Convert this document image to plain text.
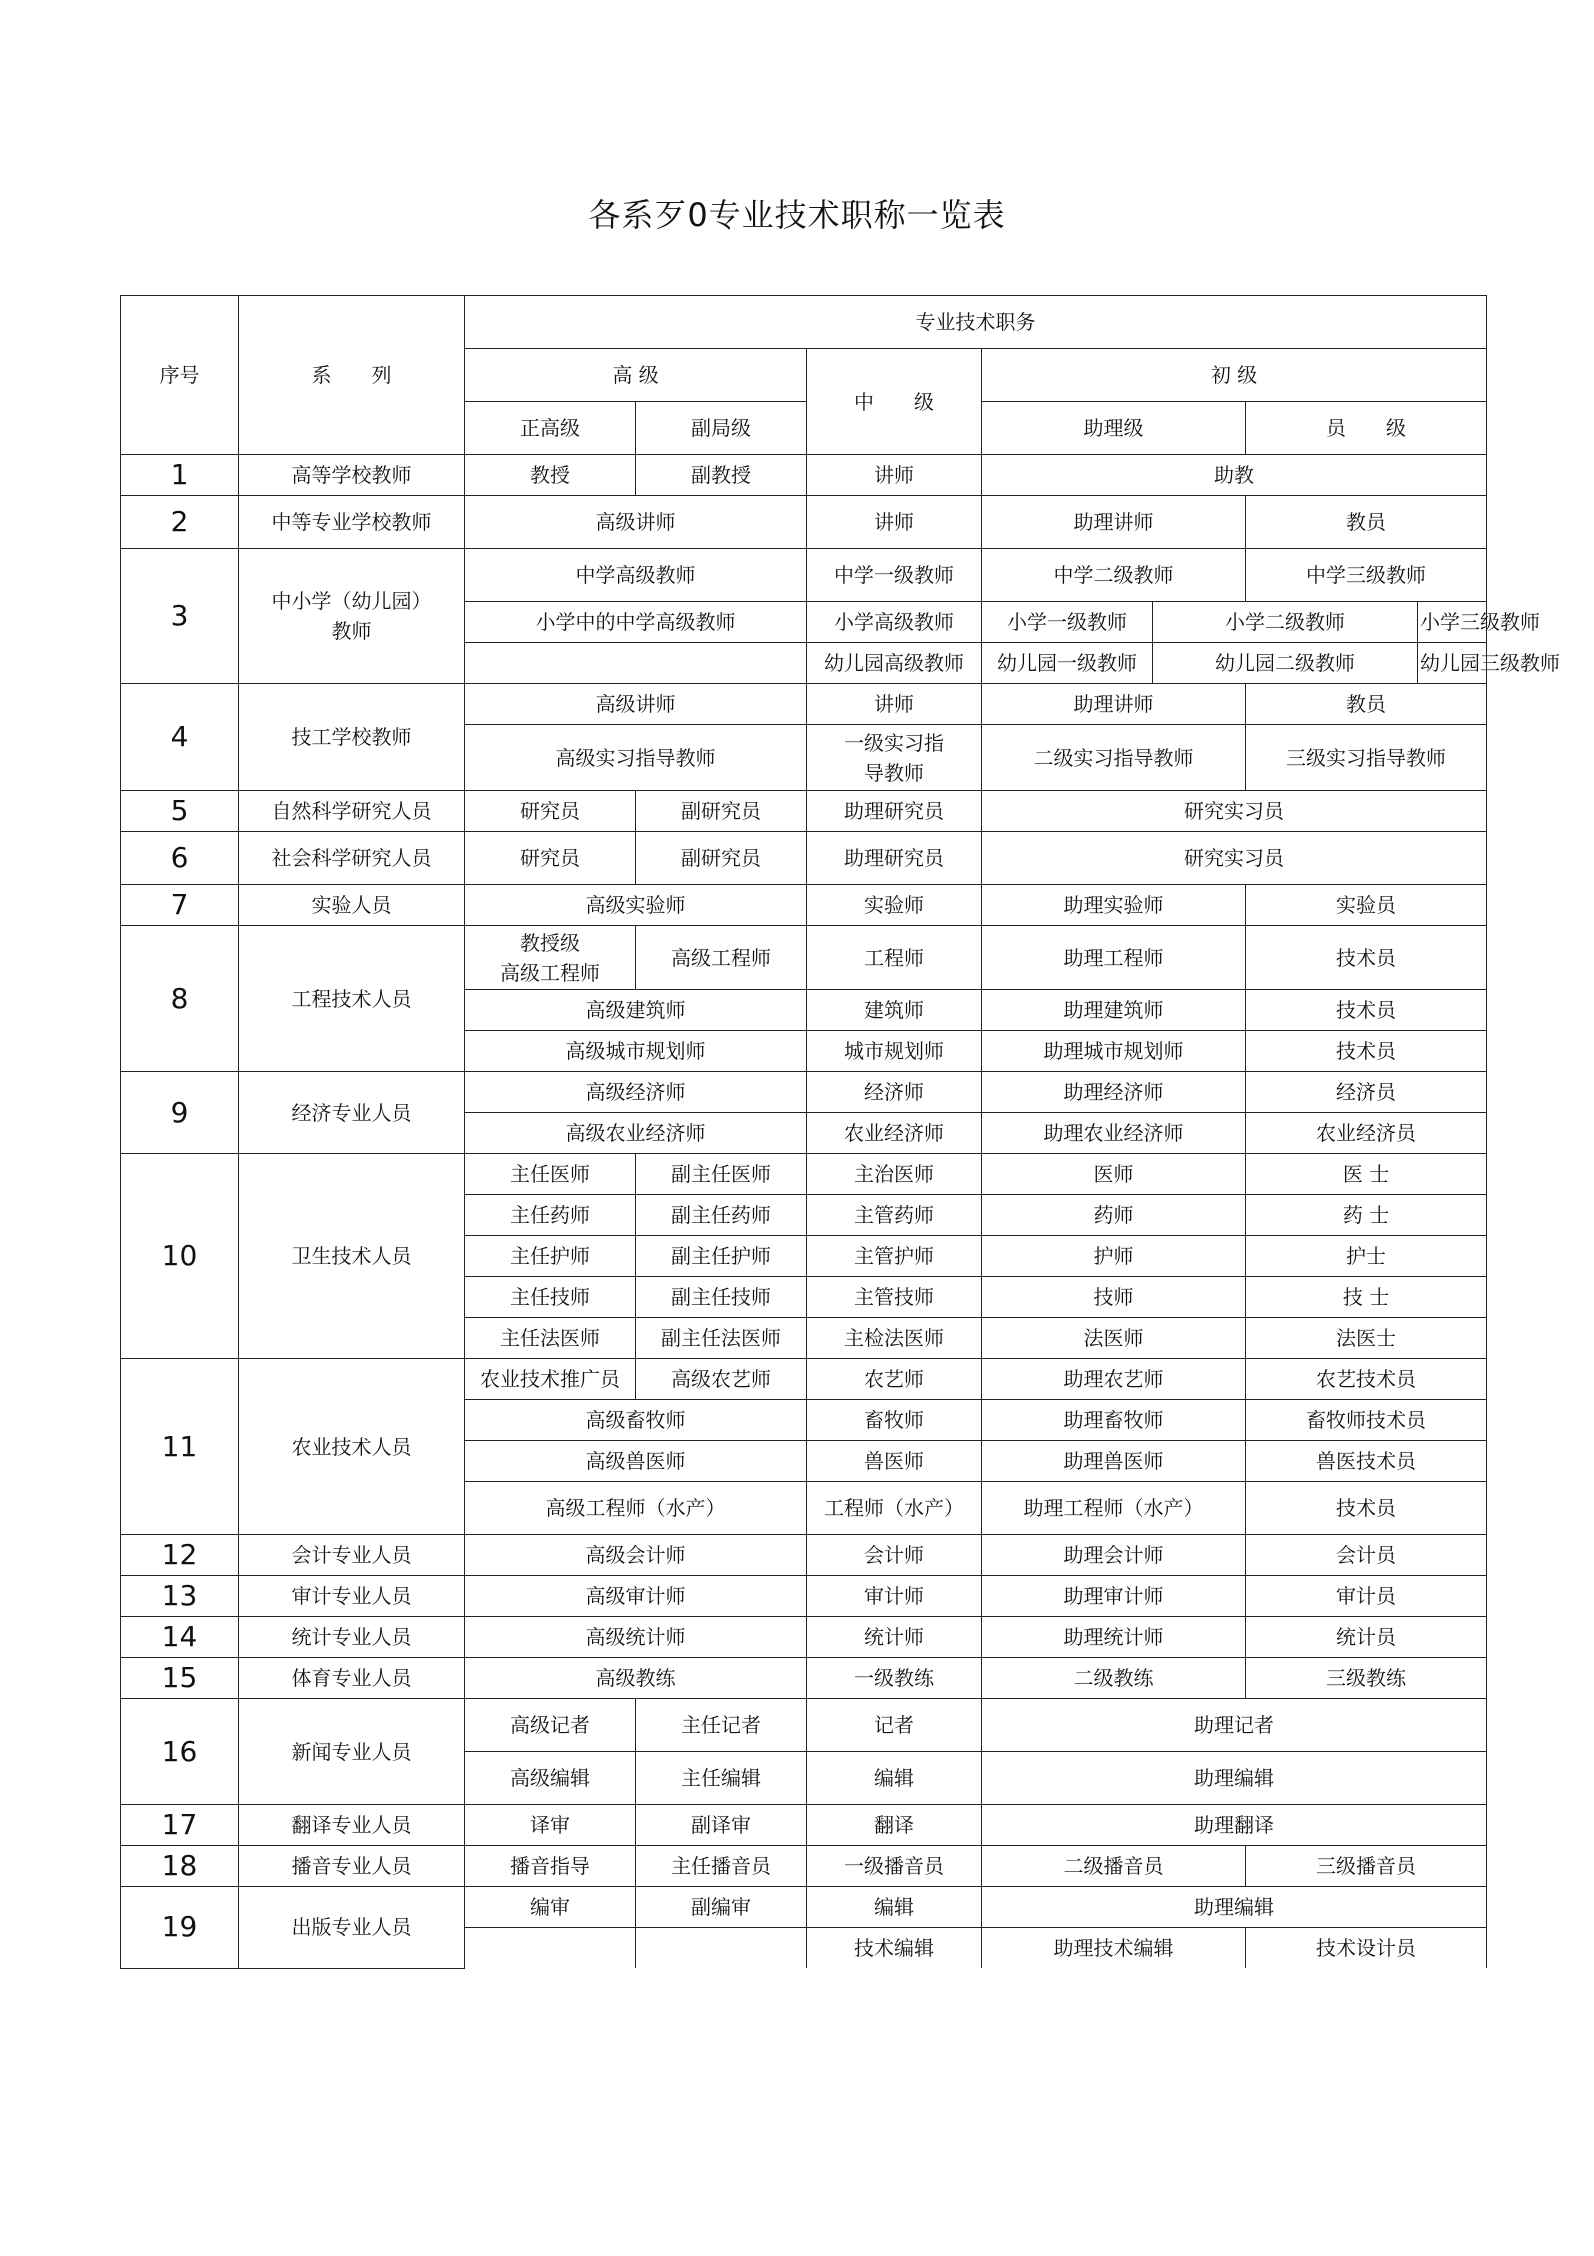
各系歹0专业技术职称一览表
序号	系　　列	专业技术职务							
		高 级		中　　级	初 级				
		正高级	副局级		助理级		员　　级		
1	高等学校教师	教授	副教授	讲师	助教				
2	中等专业学校教师	高级讲师		讲师	助理讲师		教员		
3	中小学（幼儿园）
教师	中学高级教师		中学一级教师	中学二级教师		中学三级教师		
		小学中的中学高级教师		小学高级教师	小学一级教师	小学二级教师		小学三级教师	
				幼儿园高级教师	幼儿园一级教师	幼儿园二级教师		幼儿园三级教师	
4	技工学校教师	高级讲师		讲师	助理讲师		教员		
		高级实习指导教师		一级实习指
导教师	二级实习指导教师		三级实习指导教师		
5	自然科学研究人员	研究员	副研究员	助理研究员	研究实习员				
6	社会科学研究人员	研究员	副研究员	助理研究员	研究实习员				
7	实验人员	高级实验师		实验师	助理实验师		实验员		
8	工程技术人员	教授级
高级工程师	高级工程师	工程师	助理工程师		技术员		
		高级建筑师		建筑师	助理建筑师		技术员		
		高级城市规划师		城市规划师	助理城市规划师		技术员		
9	经济专业人员	高级经济师		经济师	助理经济师		经济员		
		高级农业经济师		农业经济师	助理农业经济师		农业经济员		
10	卫生技术人员	主任医师	副主任医师	主治医师	医师		医 士		
		主任药师	副主任药师	主管药师	药师		药 士		
		主任护师	副主任护师	主管护师	护师		护士		
		主任技师	副主任技师	主管技师	技师		技 士		
		主任法医师	副主任法医师	主检法医师	法医师		法医士		
11	农业技术人员	农业技术推广员	高级农艺师	农艺师	助理农艺师		农艺技术员		
		高级畜牧师		畜牧师	助理畜牧师		畜牧师技术员		
		高级兽医师		兽医师	助理兽医师		兽医技术员		
		高级工程师（水产）		工程师（水产）	助理工程师（水产）		技术员		
12	会计专业人员	高级会计师		会计师	助理会计师		会计员		
13	审计专业人员	高级审计师		审计师	助理审计师		审计员		
14	统计专业人员	高级统计师		统计师	助理统计师		统计员		
15	体育专业人员	高级教练		一级教练	二级教练		三级教练		
16	新闻专业人员	高级记者	主任记者	记者	助理记者				
		高级编辑	主任编辑	编辑	助理编辑				
17	翻译专业人员	译审	副译审	翻译	助理翻译				
18	播音专业人员	播音指导	主任播音员	一级播音员	二级播音员		三级播音员		
19	出版专业人员	编审	副编审	编辑	助理编辑				
				技术编辑	助理技术编辑		技术设计员		
